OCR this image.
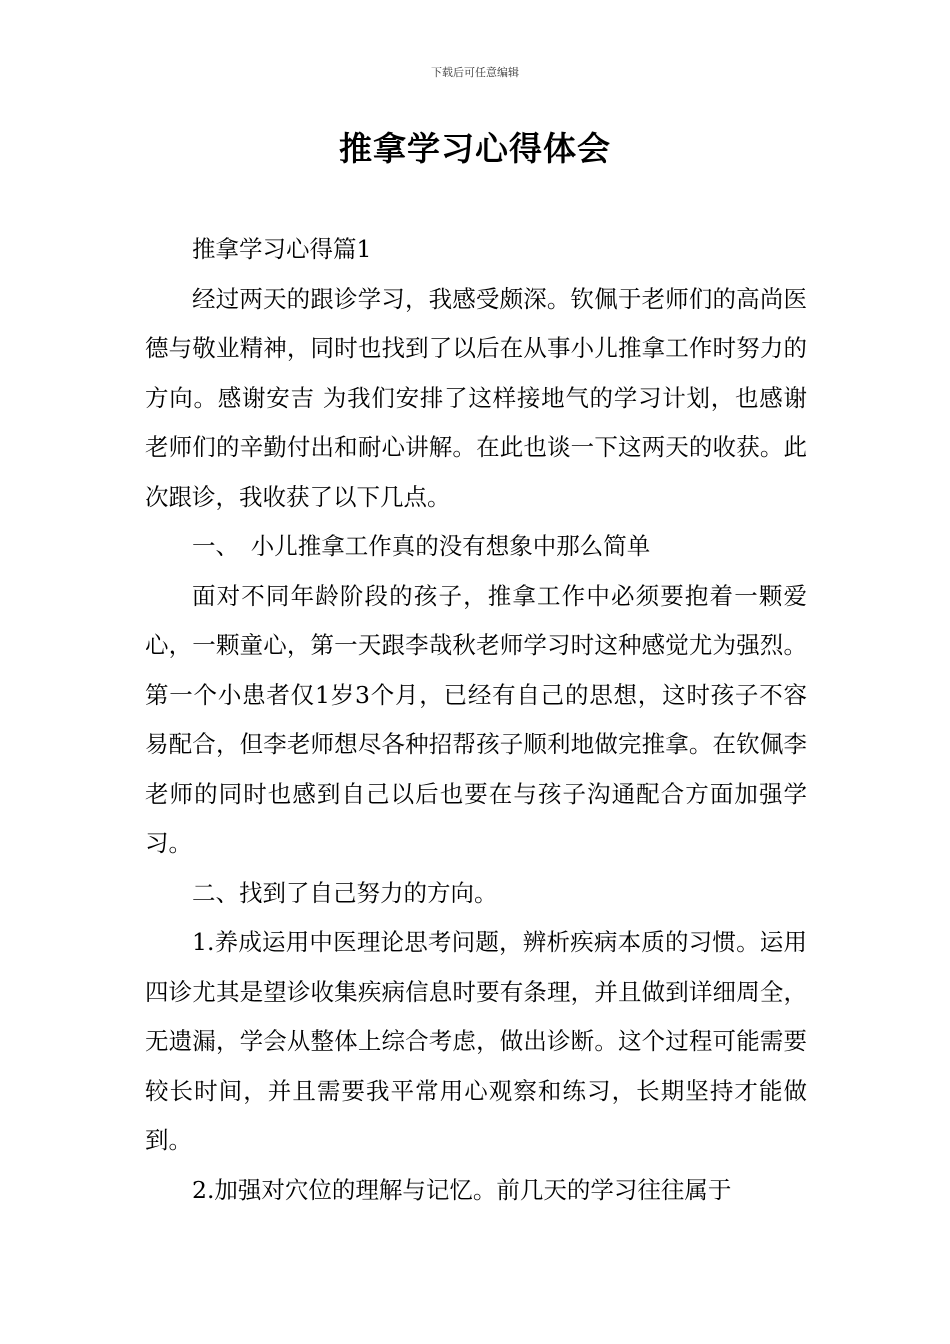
下载后可任意编辑
推拿学习心得体会

推拿学习心得篇1

经过两天的跟诊学习，我感受颇深。钦佩于老师们的高尚医德与敬业精神，同时也找到了以后在从事小儿推拿工作时努力的方向。感谢安吉 为我们安排了这样接地气的学习计划，也感谢老师们的辛勤付出和耐心讲解。在此也谈一下这两天的收获。此次跟诊，我收获了以下几点。

一、　小儿推拿工作真的没有想象中那么简单

面对不同年龄阶段的孩子，推拿工作中必须要抱着一颗爱心，一颗童心，第一天跟李哉秋老师学习时这种感觉尤为强烈。第一个小患者仅1岁3个月，已经有自己的思想，这时孩子不容易配合，但李老师想尽各种招帮孩子顺利地做完推拿。在钦佩李老师的同时也感到自己以后也要在与孩子沟通配合方面加强学习。

二、找到了自己努力的方向。

1.养成运用中医理论思考问题，辨析疾病本质的习惯。运用四诊尤其是望诊收集疾病信息时要有条理，并且做到详细周全，无遗漏，学会从整体上综合考虑，做出诊断。这个过程可能需要较长时间，并且需要我平常用心观察和练习，长期坚持才能做到。

2.加强对穴位的理解与记忆。前几天的学习往往属于
